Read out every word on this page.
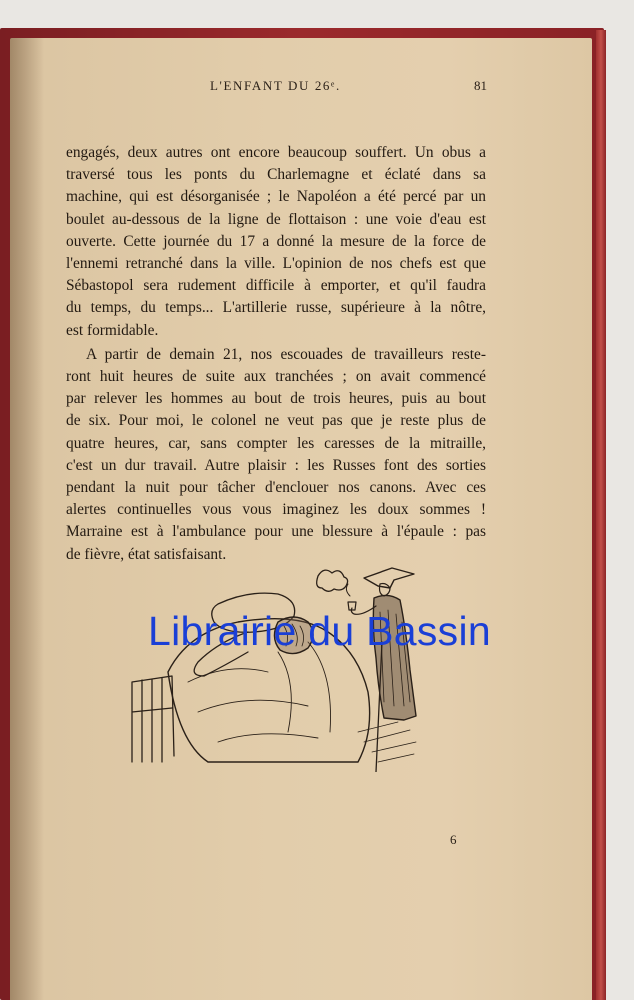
L'ENFANT DU 26ᵉ.	81
engagés, deux autres ont encore beaucoup souffert. Un obus a
traversé tous les ponts du Charlemagne et éclaté dans sa
machine, qui est désorganisée ; le Napoléon a été percé par un
boulet au-dessous de la ligne de flottaison : une voie d'eau est
ouverte. Cette journée du 17 a donné la mesure de la force de
l'ennemi retranché dans la ville. L'opinion de nos chefs est que
Sébastopol sera rudement difficile à emporter, et qu'il faudra
du temps, du temps... L'artillerie russe, supérieure à la nôtre,
est formidable.
A partir de demain 21, nos escouades de travailleurs reste-
ront huit heures de suite aux tranchées ; on avait commencé
par relever les hommes au bout de trois heures, puis au bout
de six. Pour moi, le colonel ne veut pas que je reste plus de
quatre heures, car, sans compter les caresses de la mitraille,
c'est un dur travail. Autre plaisir : les Russes font des sorties
pendant la nuit pour tâcher d'enclouer nos canons. Avec ces
alertes continuelles vous vous imaginez les doux sommes !
Marraine est à l'ambulance pour une blessure à l'épaule : pas
de fièvre, état satisfaisant.
Librairie du Bassin
6
